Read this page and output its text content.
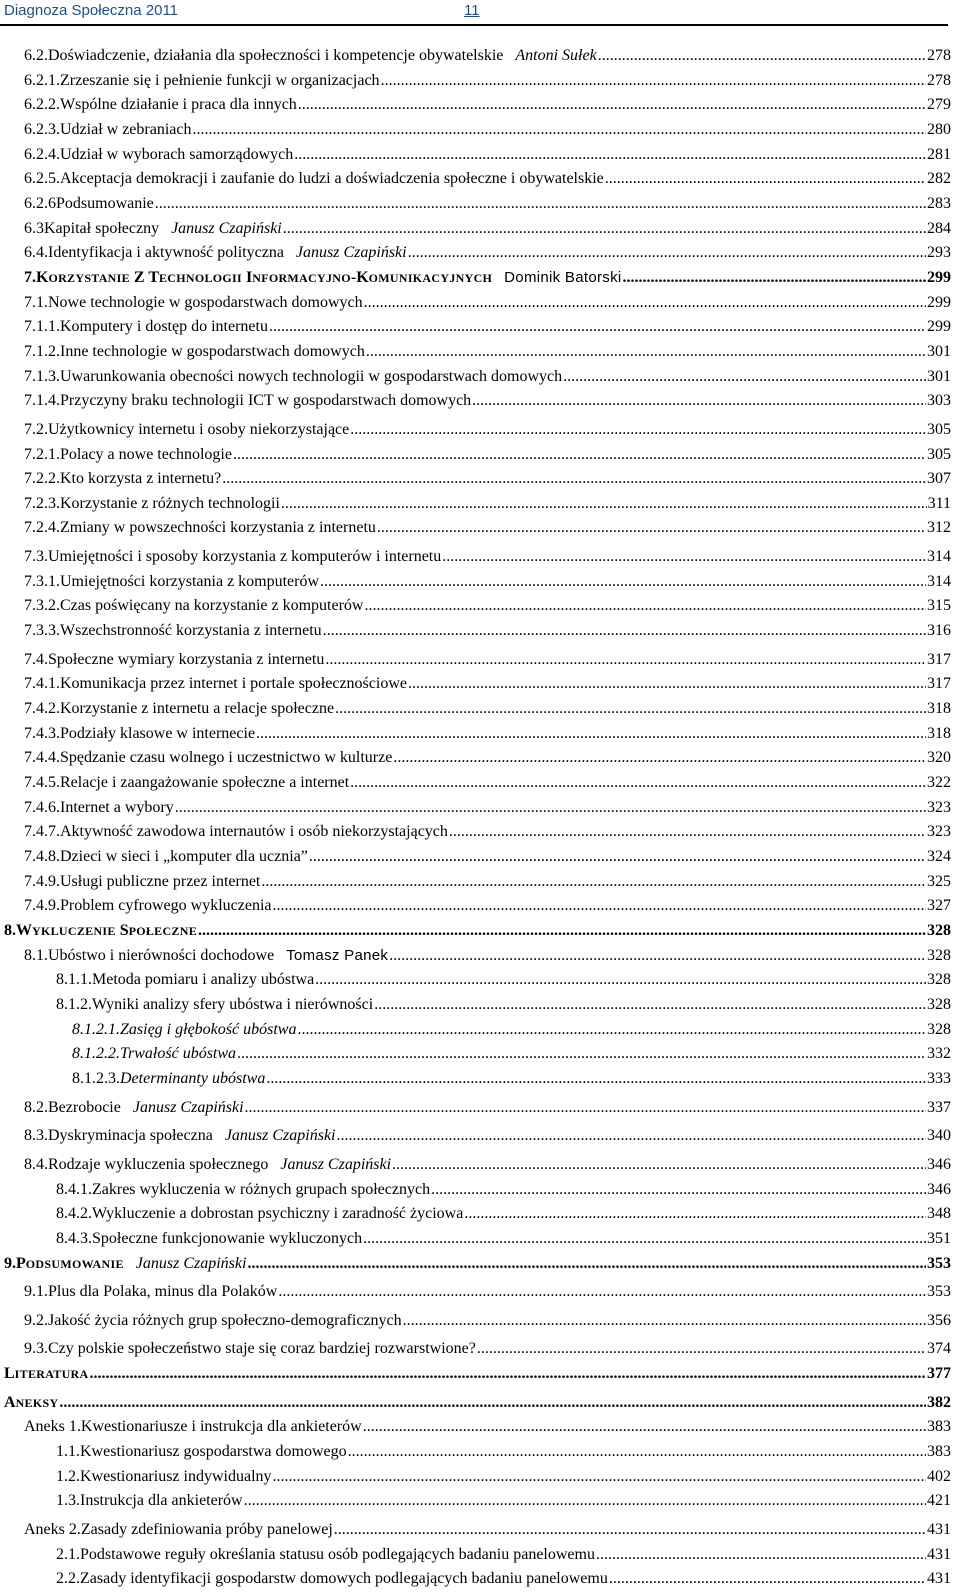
Diagnoza Społeczna 2011	11
6.2. Doświadczenie, działania dla społeczności i kompetencje obywatelskie Antoni Sułek .....	278
6.2.1. Zrzeszanie się i pełnienie funkcji w organizacjach .....	278
6.2.2. Wspólne działanie i praca dla innych .....	279
6.2.3. Udział w zebraniach .....	280
6.2.4. Udział w wyborach samorządowych .....	281
6.2.5. Akceptacja demokracji i zaufanie do ludzi a doświadczenia społeczne i obywatelskie .....	282
6.2.6 Podsumowanie .....	283
6.3 Kapitał społeczny Janusz Czapiński .....	284
6.4. Identyfikacja i aktywność polityczna Janusz Czapiński .....	293
7. KORZYSTANIE Z TECHNOLOGII INFORMACYJNO-KOMUNIKACYJNYCH Dominik Batorski .....	299
7.1. Nowe technologie w gospodarstwach domowych .....	299
7.1.1. Komputery i dostęp do internetu .....	299
7.1.2. Inne technologie w gospodarstwach domowych .....	301
7.1.3. Uwarunkowania obecności nowych technologii w gospodarstwach domowych .....	301
7.1.4. Przyczyny braku technologii ICT w gospodarstwach domowych .....	303
7.2. Użytkownicy internetu i osoby niekorzystające .....	305
7.2.1. Polacy a nowe technologie .....	305
7.2.2. Kto korzysta z internetu? .....	307
7.2.3. Korzystanie z różnych technologii .....	311
7.2.4. Zmiany w powszechności korzystania z internetu .....	312
7.3. Umiejętności i sposoby korzystania z komputerów i internetu .....	314
7.3.1. Umiejętności korzystania z komputerów .....	314
7.3.2. Czas poświęcany na korzystanie z komputerów .....	315
7.3.3. Wszechstronność korzystania z internetu .....	316
7.4. Społeczne wymiary korzystania z internetu .....	317
7.4.1. Komunikacja przez internet i portale społecznościowe .....	317
7.4.2. Korzystanie z internetu a relacje społeczne .....	318
7.4.3. Podziały klasowe w internecie .....	318
7.4.4. Spędzanie czasu wolnego i uczestnictwo w kulturze .....	320
7.4.5. Relacje i zaangażowanie społeczne a internet .....	322
7.4.6. Internet a wybory .....	323
7.4.7. Aktywność zawodowa internautów i osób niekorzystających .....	323
7.4.8. Dzieci w sieci i „komputer dla ucznia” .....	324
7.4.9. Usługi publiczne przez internet .....	325
7.4.9. Problem cyfrowego wykluczenia .....	327
8. WYKLUCZENIE SPOŁECZNE .....	328
8.1. Ubóstwo i nierówności dochodowe Tomasz Panek .....	328
8.1.1. Metoda pomiaru i analizy ubóstwa .....	328
8.1.2. Wyniki analizy sfery ubóstwa i nierówności .....	328
8.1.2.1. Zasięg i głębokość ubóstwa .....	328
8.1.2.2. Trwałość ubóstwa .....	332
8.1.2.3. Determinanty ubóstwa .....	333
8.2. Bezrobocie Janusz Czapiński .....	337
8.3. Dyskryminacja społeczna Janusz Czapiński .....	340
8.4. Rodzaje wykluczenia społecznego Janusz Czapiński .....	346
8.4.1. Zakres wykluczenia w różnych grupach społecznych .....	346
8.4.2. Wykluczenie a dobrostan psychiczny i zaradność życiowa .....	348
8.4.3. Społeczne funkcjonowanie wykluczonych .....	351
9. PODSUMOWANIE Janusz Czapiński .....	353
9.1. Plus dla Polaka, minus dla Polaków .....	353
9.2. Jakość życia różnych grup społeczno-demograficznych .....	356
9.3. Czy polskie społeczeństwo staje się coraz bardziej rozwarstwione? .....	374
LITERATURA .....	377
ANEKSY .....	382
Aneks 1. Kwestionariusze i instrukcja dla ankieterów .....	383
1.1. Kwestionariusz gospodarstwa domowego .....	383
1.2. Kwestionariusz indywidualny .....	402
1.3. Instrukcja dla ankieterów .....	421
Aneks 2. Zasady zdefiniowania próby panelowej .....	431
2.1. Podstawowe reguły określania statusu osób podlegających badaniu panelowemu .....	431
2.2. Zasady identyfikacji gospodarstw domowych podlegających badaniu panelowemu .....	431
